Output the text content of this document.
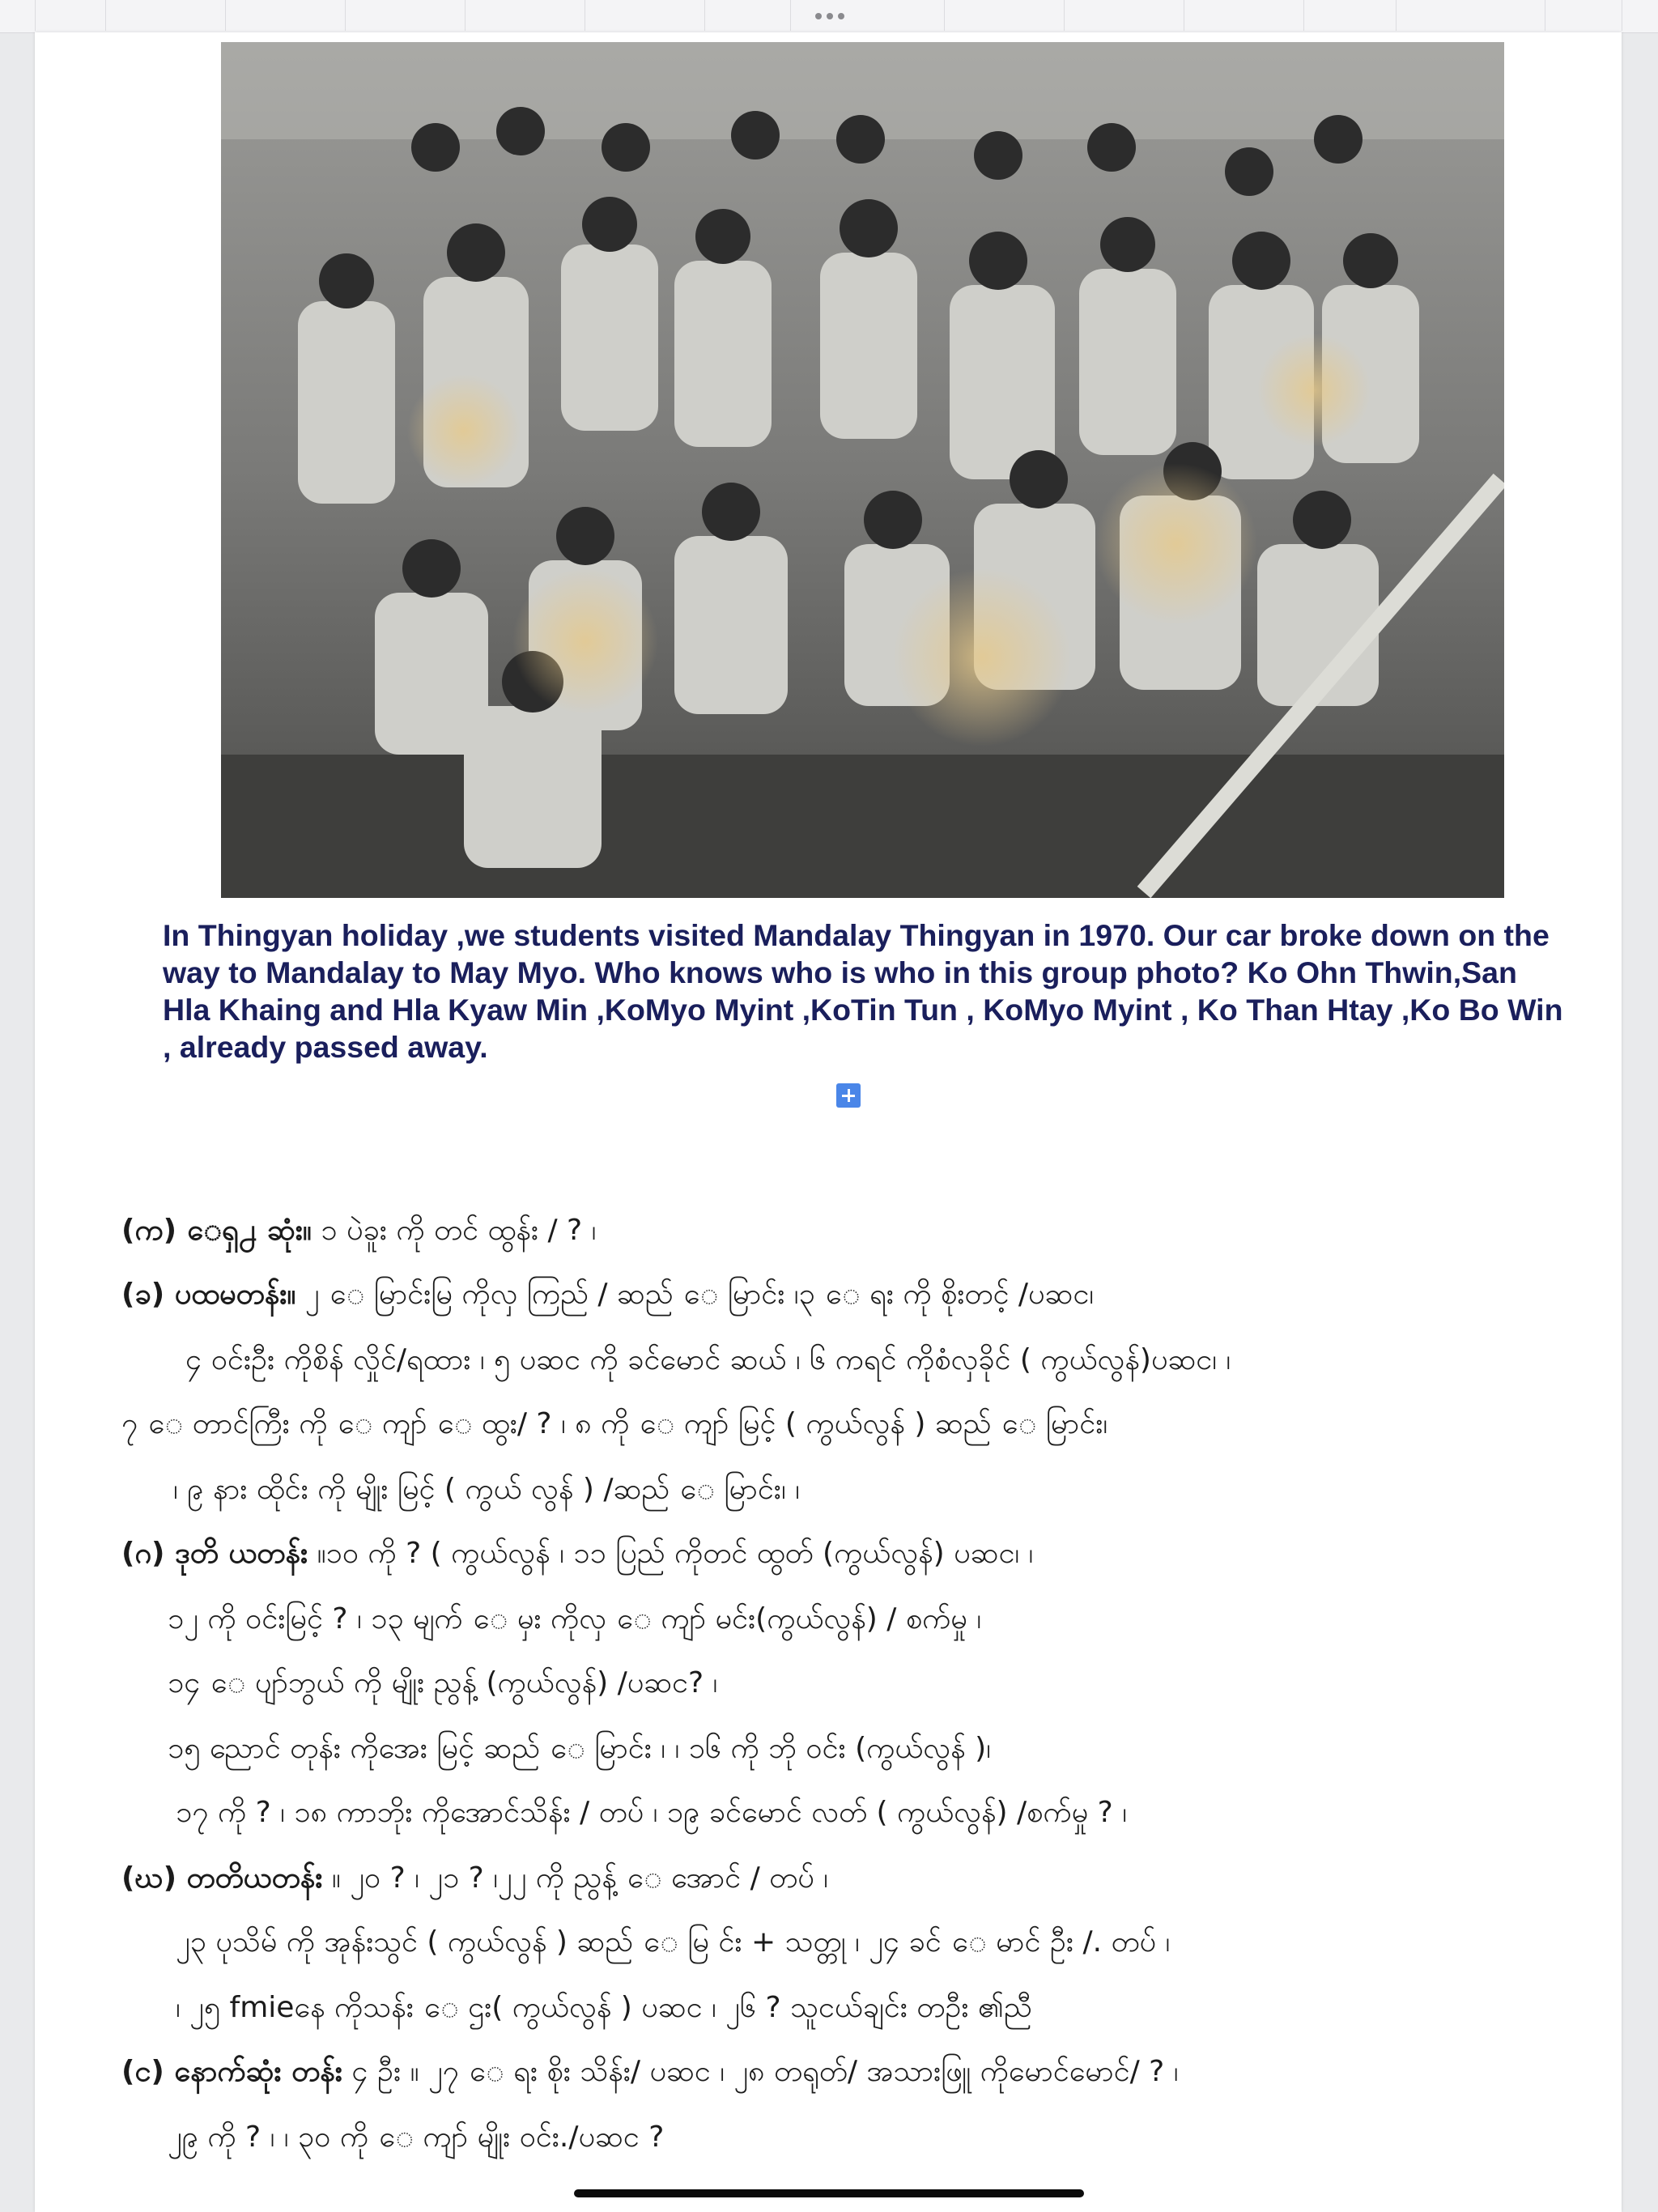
In Thingyan holiday ,we students visited Mandalay Thingyan in 1970. Our car broke down on the way to Mandalay to May Myo. Who knows who is who in this group photo? Ko Ohn Thwin,San Hla Khaing and Hla Kyaw Min ,KoMyo Myint ,KoTin Tun , KoMyo Myint , Ko Than Htay ,Ko Bo Win , already passed away.

(က) ေရှ႕ ဆုံး။ ၁ ပဲခူး ကို တင် ထွန်း / ? ၊
(ခ) ပထမတန်း။ ၂ ေ မြာင်းမြ ကိုလှ ကြည် / ဆည် ေ မြာင်း ၊၃ ေ ရး ကို စိုးတင့် /ပဆင၊
၄ ဝင်းဦး ကိုစိန် လှိုင်/ရထား ၊ ၅ ပဆင ကို ခင်မောင် ဆယ် ၊ ၆ ကရင် ကိုစံလှခိုင် ( ကွယ်လွန်)ပဆင၊ ၊
၇ ေ တာင်ကြီး ကို ေ ကျာ် ေ ထွး/ ? ၊ ၈ ကို ေ ကျာ် မြင့် ( ကွယ်လွန် ) ဆည် ေ မြာင်း၊
၊ ၉ နား ထိုင်း ကို မျိုး မြင့် ( ကွယ် လွန် ) /ဆည် ေ မြာင်း၊ ၊
(ဂ) ဒုတိ ယတန်း ။၁၀ ကို ? ( ကွယ်လွန် ၊ ၁၁ ပြည် ကိုတင် ထွတ် (ကွယ်လွန်) ပဆင၊ ၊
၁၂ ကို ဝင်းမြင့် ? ၊ ၁၃ မျက် ေ မှး ကိုလှ ေ ကျာ် မင်း(ကွယ်လွန်) / စက်မှု ၊
၁၄ ေ ပျာ်ဘွယ် ကို မျိုး ညွန့် (ကွယ်လွန်) /ပဆင? ၊
၁၅ ညောင် တုန်း ကိုအေး မြင့် ဆည် ေ မြာင်း ၊ ၊ ၁၆ ကို ဘို ဝင်း (ကွယ်လွန် )၊
၁၇ ကို ? ၊ ၁၈ ကာဘိုး ကိုအောင်သိန်း / တပ် ၊ ၁၉ ခင်မောင် လတ် ( ကွယ်လွန်) /စက်မှု ? ၊
(ဃ) တတိယတန်း ။ ၂၀ ? ၊ ၂၁ ? ၊၂၂ ကို ညွန့် ေ အောင် / တပ် ၊
၂၃ ပုသိမ် ကို အုန်းသွင် ( ကွယ်လွန် ) ဆည် ေ မြ င်း + သတ္တု ၊ ၂၄ ခင် ေ မာင် ဦး /. တပ် ၊
၊ ၂၅ fmieနေ ကိုသန်း ေ ဌး( ကွယ်လွန် ) ပဆင ၊ ၂၆ ? သူငယ်ချင်း တဦး ၏ညီ
(င) နောက်ဆုံး တန်း ၄ ဦး ။ ၂၇ ေ ရး စိုး သိန်း/ ပဆင ၊ ၂၈ တရုတ်/ အသားဖြူ ကိုမောင်မောင်/ ? ၊
၂၉ ကို ? ၊ ၊ ၃၀ ကို ေ ကျာ် မျိုး ဝင်း./ပဆင ?
